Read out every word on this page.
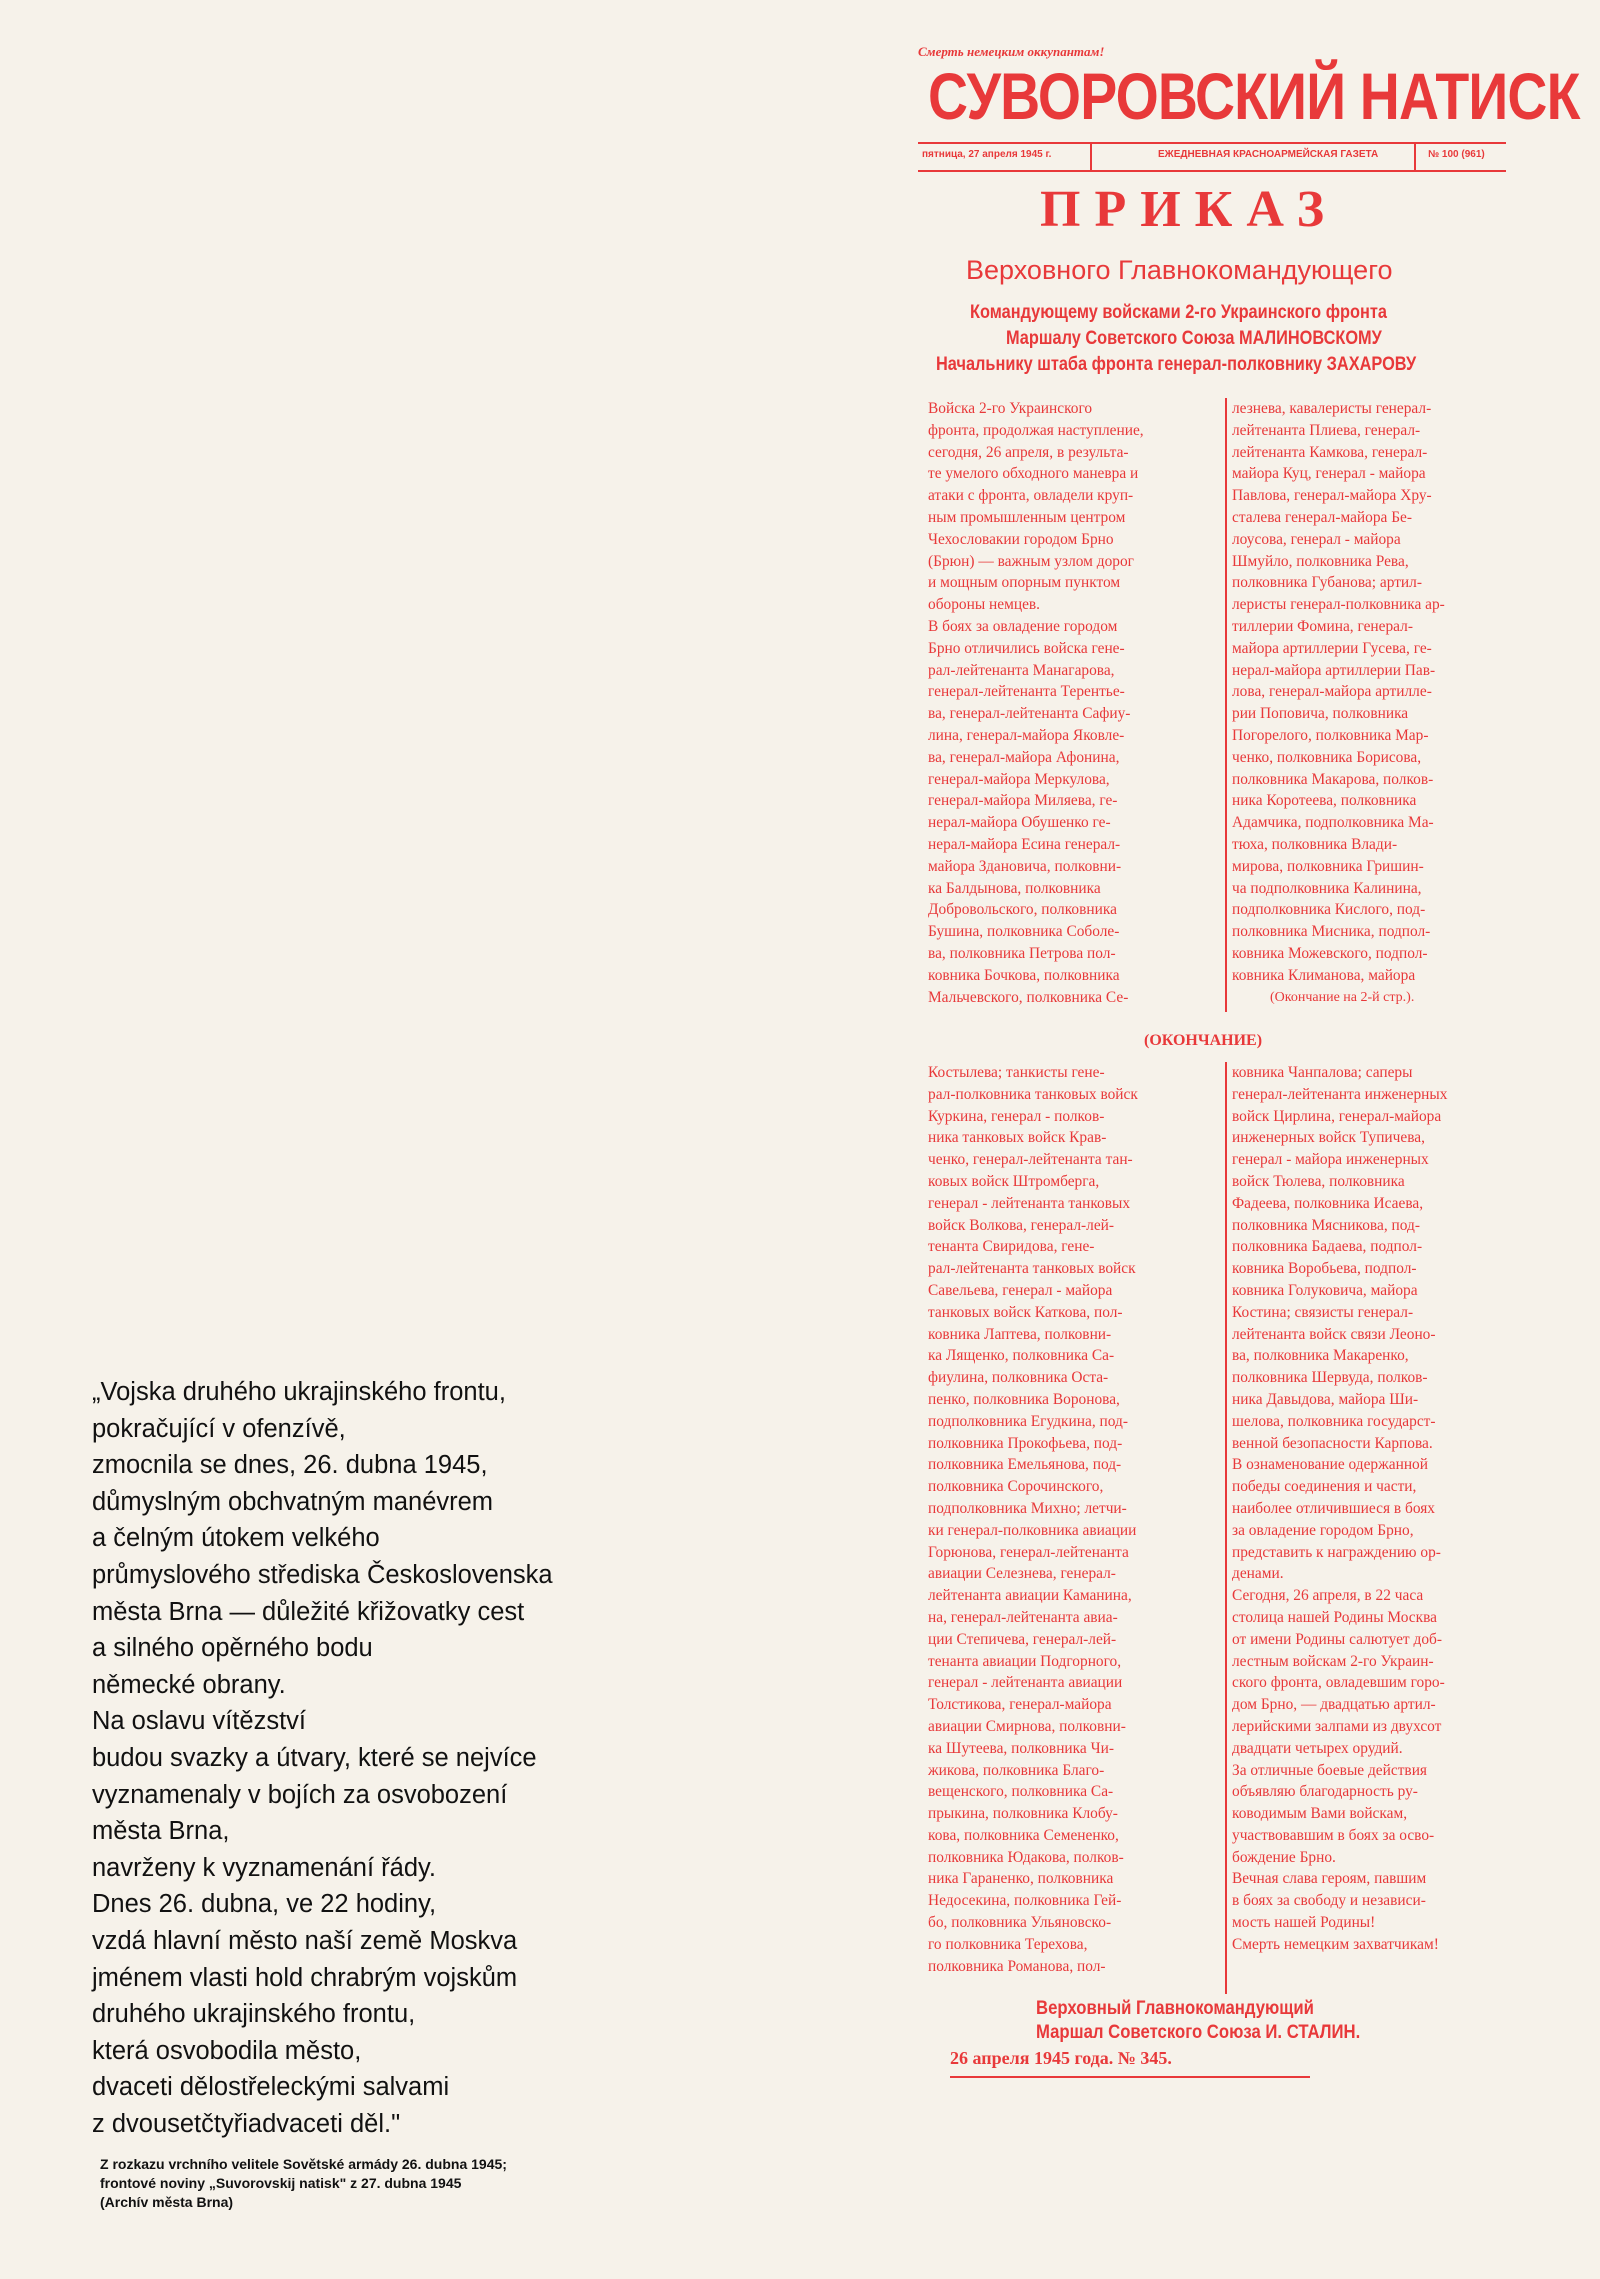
„Vojska druhého ukrajinského frontu,
pokračující v ofenzívě,
zmocnila se dnes, 26. dubna 1945,
důmyslným obchvatným manévrem
a čelným útokem velkého
průmyslového střediska Československa
města Brna — důležité křižovatky cest
a silného opěrného bodu
německé obrany.
Na oslavu vítězství
budou svazky a útvary, které se nejvíce
vyznamenaly v bojích za osvobození
města Brna,
navrženy k vyznamenání řády.
Dnes 26. dubna, ve 22 hodiny,
vzdá hlavní město naší země Moskva
jménem vlasti hold chrabrým vojskům
druhého ukrajinského frontu,
která osvobodila město,
dvaceti dělostřeleckými salvami
z dvousetčtyřiadvaceti děl."
Z rozkazu vrchního velitele Sovětské armády 26. dubna 1945;
frontové noviny „Suvorovskij natisk" z 27. dubna 1945
(Archív města Brna)
Смерть немецким оккупантам!
СУВОРОВСКИЙ НАТИСК
пятница, 27 апреля 1945 г.	ЕЖЕДНЕВНАЯ КРАСНОАРМЕЙСКАЯ ГАЗЕТА	№ 100 (961)
ПРИКАЗ
Верховного Главнокомандующего
Командующему войсками 2-го Украинского фронта
Маршалу Советского Союза МАЛИНОВСКОМУ
Начальнику штаба фронта генерал-полковнику ЗАХАРОВУ
Войска 2-го Украинского
фронта, продолжая наступление,
сегодня, 26 апреля, в результа-
те умелого обходного маневра и
атаки с фронта, овладели круп-
ным промышленным центром
Чехословакии городом Брно
(Брюн) — важным узлом дорог
и мощным опорным пунктом
обороны немцев.
В боях за овладение городом
Брно отличились войска гене-
рал-лейтенанта Манагарова,
генерал-лейтенанта Терентье-
ва, генерал-лейтенанта Сафиу-
лина, генерал-майора Яковле-
ва, генерал-майора Афонина,
генерал-майора Меркулова,
генерал-майора Миляева, ге-
нерал-майора Обушенко ге-
нерал-майора Есина генерал-
майора Здановича, полковни-
ка Балдынова, полковника
Добровольского, полковника
Бушина, полковника Соболе-
ва, полковника Петрова пол-
ковника Бочкова, полковника
Мальчевского, полковника Се-
лезнева, кавалеристы генерал-
лейтенанта Плиева, генерал-
лейтенанта Камкова, генерал-
майора Куц, генерал - майора
Павлова, генерал-майора Хру-
сталева генерал-майора Бе-
лоусова, генерал - майора
Шмуйло, полковника Рева,
полковника Губанова; артил-
леристы генерал-полковника ар-
тиллерии Фомина, генерал-
майора артиллерии Гусева, ге-
нерал-майора артиллерии Пав-
лова, генерал-майора артилле-
рии Поповича, полковника
Погорелого, полковника Мар-
ченко, полковника Борисова,
полковника Макарова, полков-
ника Коротеева, полковника
Адамчика, подполковника Ма-
тюха, полковника Влади-
мирова, полковника Гришин-
ча подполковника Калинина,
подполковника Кислого, под-
полковника Мисника, подпол-
ковника Можевского, подпол-
ковника Климанова, майора
(Окончание на 2-й стр.).
(ОКОНЧАНИЕ)
Костылева; танкисты гене-
рал-полковника танковых войск
Куркина, генерал - полков-
ника танковых войск Крав-
ченко, генерал-лейтенанта тан-
ковых войск Штромберга,
генерал - лейтенанта танковых
войск Волкова, генерал-лей-
тенанта Свиридова, гене-
рал-лейтенанта танковых войск
Савельева, генерал - майора
танковых войск Каткова, пол-
ковника Лаптева, полковни-
ка Лященко, полковника Са-
фиулина, полковника Оста-
пенко, полковника Воронова,
подполковника Егудкина, под-
полковника Прокофьева, под-
полковника Емельянова, под-
полковника Сорочинского,
подполковника Михно; летчи-
ки генерал-полковника авиации
Горюнова, генерал-лейтенанта
авиации Селезнева, генерал-
лейтенанта авиации Каманина,
на, генерал-лейтенанта авиа-
ции Степичева, генерал-лей-
тенанта авиации Подгорного,
генерал - лейтенанта авиации
Толстикова, генерал-майора
авиации Смирнова, полковни-
ка Шутеева, полковника Чи-
жикова, полковника Благо-
вещенского, полковника Са-
прыкина, полковника Клобу-
кова, полковника Семененко,
полковника Юдакова, полков-
ника Гараненко, полковника
Недосекина, полковника Гей-
бо, полковника Ульяновско-
го полковника Терехова,
полковника Романова, пол-
ковника Чанпалова; саперы
генерал-лейтенанта инженерных
войск Цирлина, генерал-майора
инженерных войск Тупичева,
генерал - майора инженерных
войск Тюлева, полковника
Фадеева, полковника Исаева,
полковника Мясникова, под-
полковника Бадаева, подпол-
ковника Воробьева, подпол-
ковника Голуковича, майора
Костина; связисты генерал-
лейтенанта войск связи Леоно-
ва, полковника Макаренко,
полковника Шервуда, полков-
ника Давыдова, майора Ши-
шелова, полковника государст-
венной безопасности Карпова.
В ознаменование одержанной
победы соединения и части,
наиболее отличившиеся в боях
за овладение городом Брно,
представить к награждению ор-
денами.
Сегодня, 26 апреля, в 22 часа
столица нашей Родины Москва
от имени Родины салютует доб-
лестным войскам 2-го Украин-
ского фронта, овладевшим горо-
дом Брно, — двадцатью артил-
лерийскими залпами из двухсот
двадцати четырех орудий.
За отличные боевые действия
объявляю благодарность ру-
ководимым Вами войскам,
участвовавшим в боях за осво-
бождение Брно.
Вечная слава героям, павшим
в боях за свободу и независи-
мость нашей Родины!
Смерть немецким захватчикам!
Верховный Главнокомандующий
Маршал Советского Союза И. СТАЛИН.
26 апреля 1945 года. № 345.
